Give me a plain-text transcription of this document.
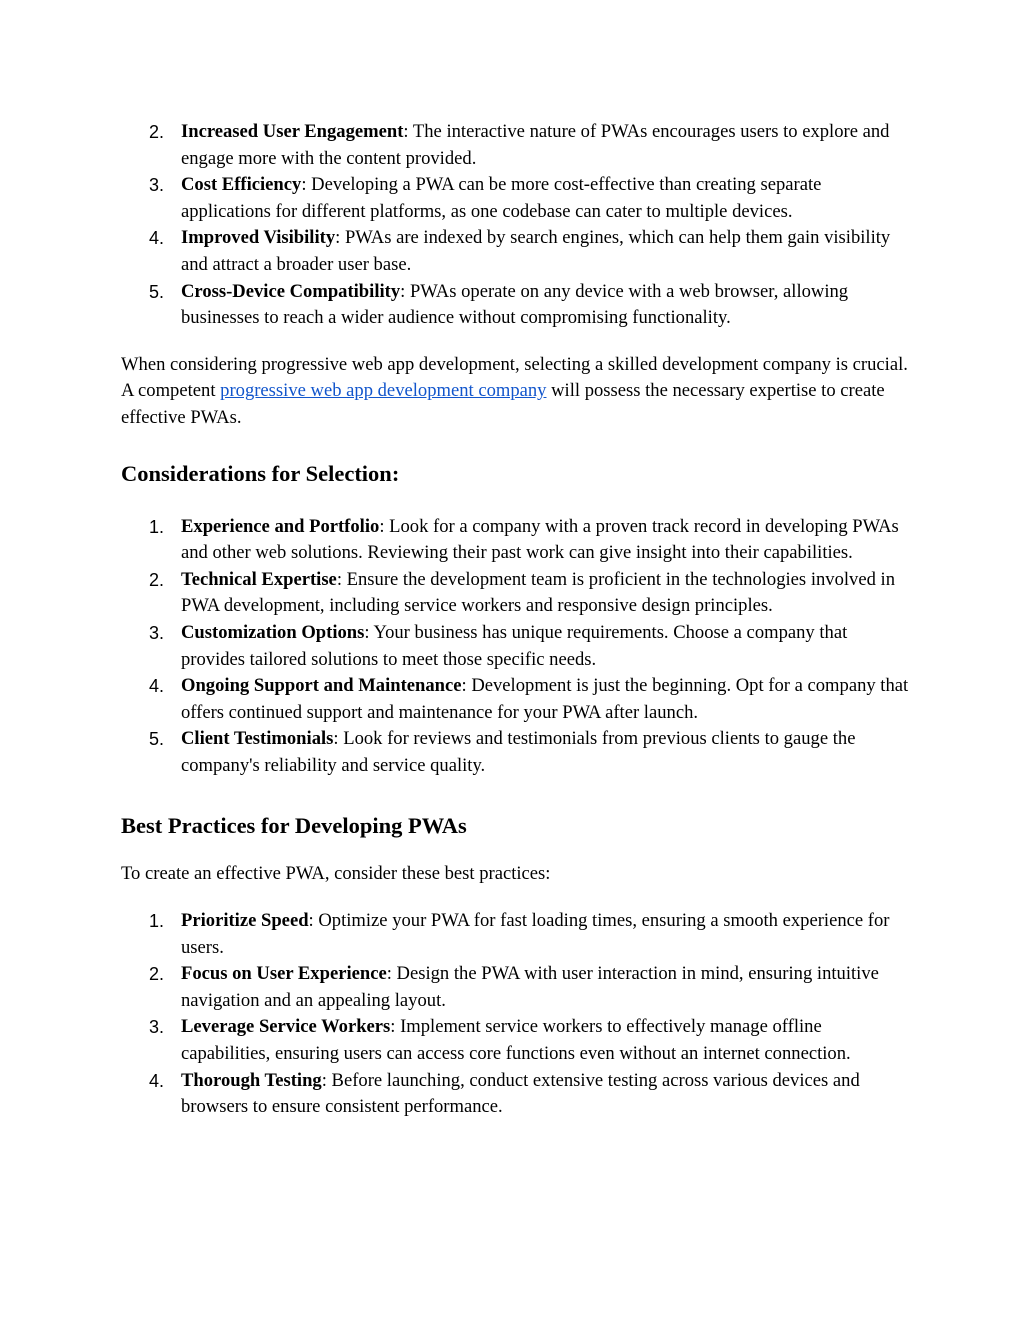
2. Increased User Engagement: The interactive nature of PWAs encourages users to explore and engage more with the content provided.
3. Cost Efficiency: Developing a PWA can be more cost-effective than creating separate applications for different platforms, as one codebase can cater to multiple devices.
4. Improved Visibility: PWAs are indexed by search engines, which can help them gain visibility and attract a broader user base.
5. Cross-Device Compatibility: PWAs operate on any device with a web browser, allowing businesses to reach a wider audience without compromising functionality.

When considering progressive web app development, selecting a skilled development company is crucial. A competent progressive web app development company will possess the necessary expertise to create effective PWAs.

Considerations for Selection:
1. Experience and Portfolio: Look for a company with a proven track record in developing PWAs and other web solutions. Reviewing their past work can give insight into their capabilities.
2. Technical Expertise: Ensure the development team is proficient in the technologies involved in PWA development, including service workers and responsive design principles.
3. Customization Options: Your business has unique requirements. Choose a company that provides tailored solutions to meet those specific needs.
4. Ongoing Support and Maintenance: Development is just the beginning. Opt for a company that offers continued support and maintenance for your PWA after launch.
5. Client Testimonials: Look for reviews and testimonials from previous clients to gauge the company's reliability and service quality.
Best Practices for Developing PWAs

To create an effective PWA, consider these best practices:

1. Prioritize Speed: Optimize your PWA for fast loading times, ensuring a smooth experience for users.
2. Focus on User Experience: Design the PWA with user interaction in mind, ensuring intuitive navigation and an appealing layout.
3. Leverage Service Workers: Implement service workers to effectively manage offline capabilities, ensuring users can access core functions even without an internet connection.
4. Thorough Testing: Before launching, conduct extensive testing across various devices and browsers to ensure consistent performance.
